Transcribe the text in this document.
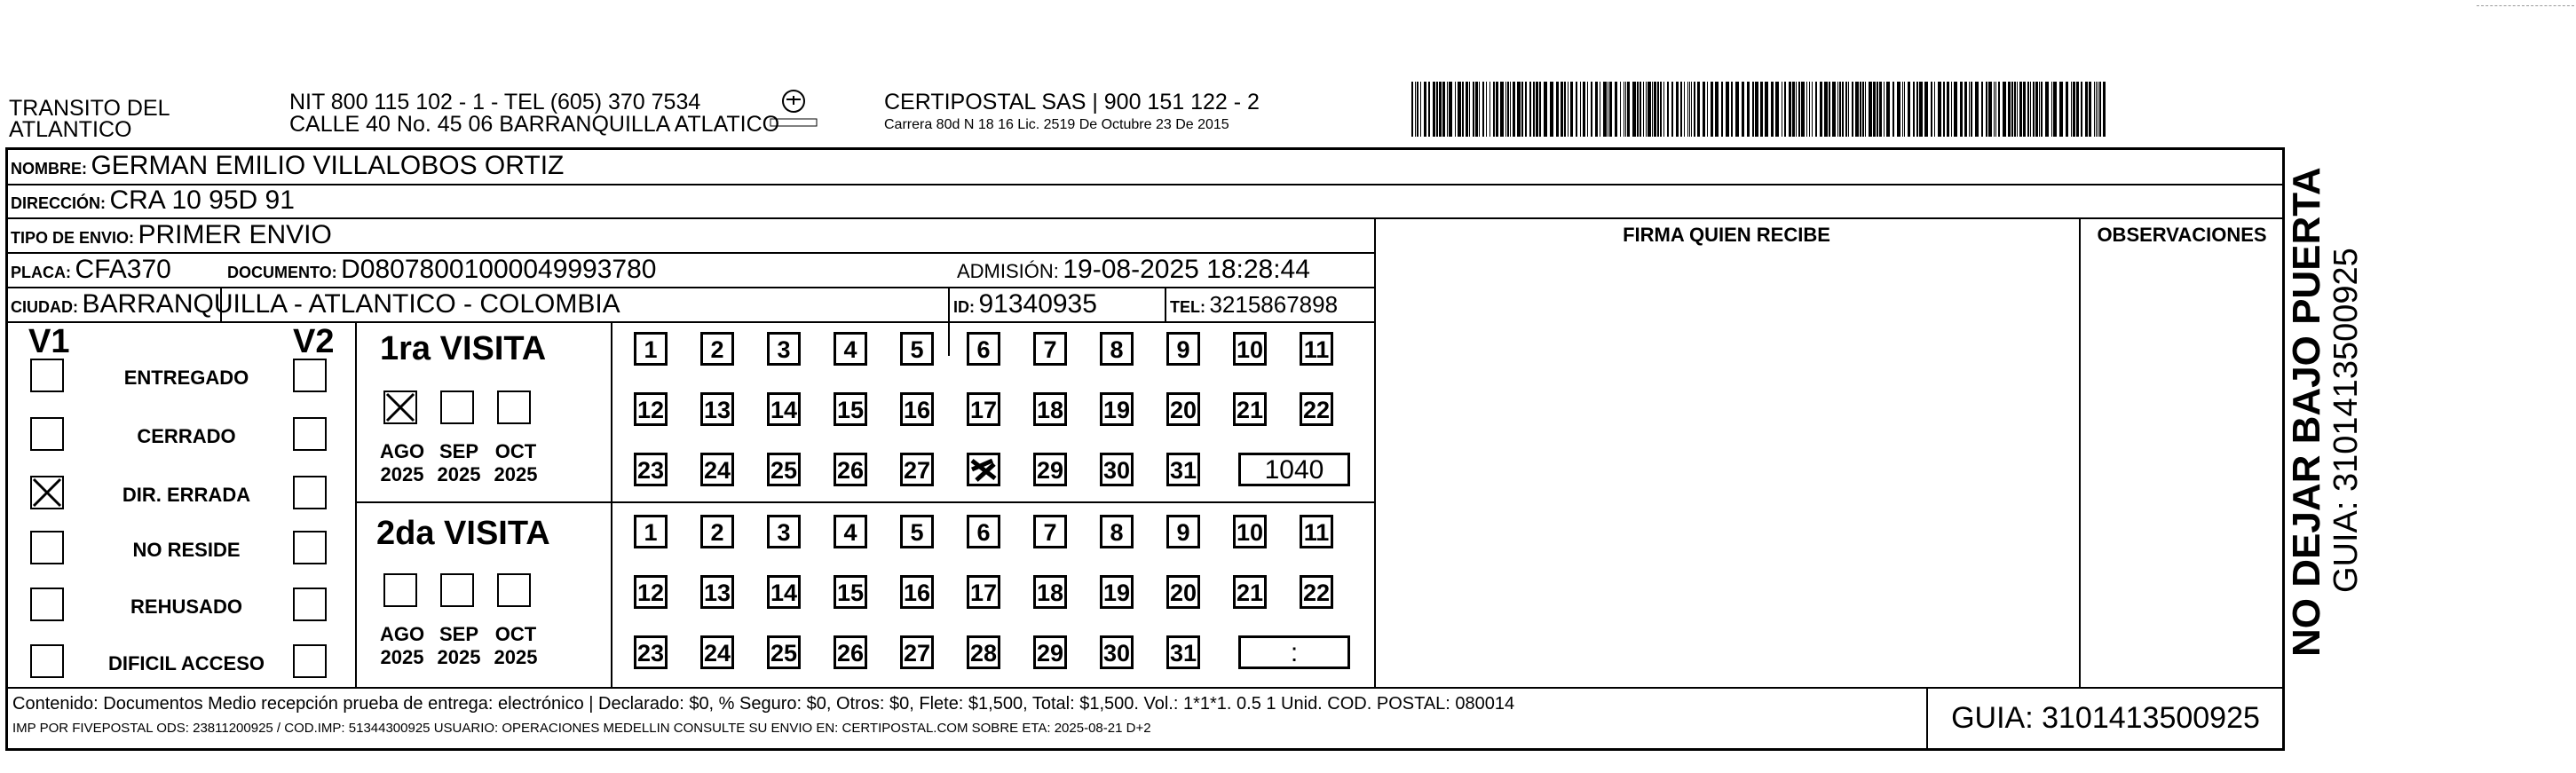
TRANSITO DEL ATLANTICO
NIT 800 115 102 - 1 - TEL (605) 370 7534
CALLE 40 No. 45 06 BARRANQUILLA ATLATICO
CERTIPOSTAL SAS | 900 151 122 - 2
Carrera 80d N 18 16 Lic. 2519 De Octubre 23 De 2015
NOMBRE: GERMAN EMILIO VILLALOBOS ORTIZ
DIRECCIÓN: CRA 10 95D 91
TIPO DE ENVIO: PRIMER ENVIO
PLACA: CFA370	DOCUMENTO: D08078001000049993780	ADMISIÓN: 19-08-2025 18:28:44
CIUDAD: BARRANQUILLA - ATLANTICO - COLOMBIA	ID: 91340935	TEL: 3215867898
FIRMA QUIEN RECIBE	OBSERVACIONES
V1	V2
ENTREGADO
CERRADO
DIR. ERRADA
NO RESIDE
REHUSADO
DIFICIL ACCESO
1ra VISITA
AGO
2025
SEP
2025
OCT
2025
1	2	3	4	5	6	7	8	9	10 11
12 13 14 15 16 17 18 19 20 21 22
23 24 25 26 27	29 30 31	1040
2da VISITA
AGO
2025
SEP
2025
OCT
2025
1	2	3	4	5	6	7	8	9	10 11
12 13 14 15 16 17 18 19 20 21 22
23 24 25 26 27 28 29 30 31	:
Contenido: Documentos Medio recepción prueba de entrega: electrónico | Declarado: $0, % Seguro: $0, Otros: $0, Flete: $1,500, Total: $1,500. Vol.: 1*1*1. 0.5 1 Unid. COD. POSTAL: 080014
IMP POR FIVEPOSTAL ODS: 23811200925 / COD.IMP: 51344300925 USUARIO: OPERACIONES MEDELLIN CONSULTE SU ENVIO EN: CERTIPOSTAL.COM SOBRE ETA: 2025-08-21 D+2	GUIA: 3101413500925
NO DEJAR BAJO PUERTA GUIA: 3101413500925
